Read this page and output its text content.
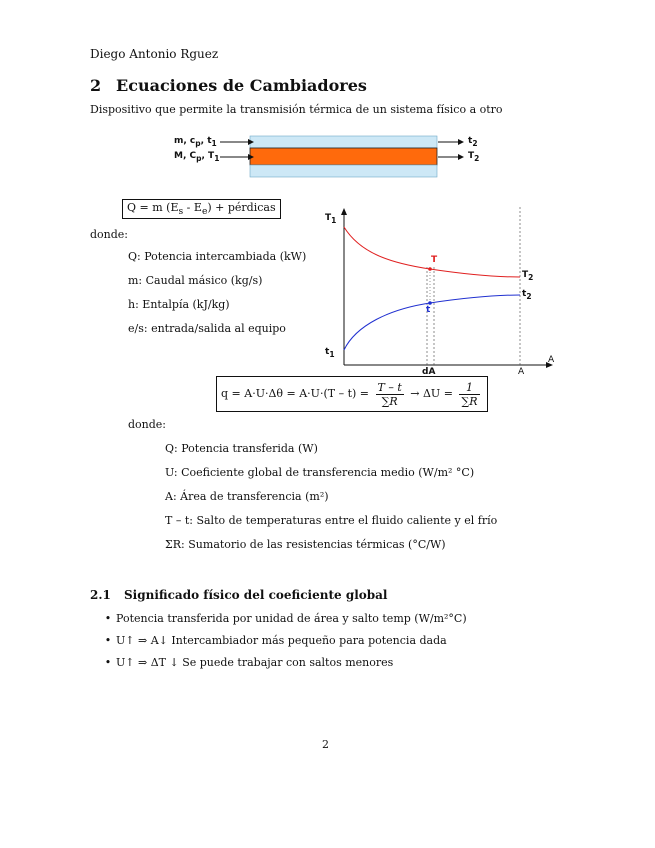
Diego Antonio Rguez
2 Ecuaciones de Cambiadores
Dispositivo que permite la transmisión térmica de un sistema físico a otro
m, $c_p$, $t_1$
M, $C_p$, $T_1$
$t_2$
$T_2$
Q = m $(E_s - E_e)$ + pérdicas
donde:
Q: Potencia intercambiada (kW)
m: Caudal másico (kg/s)
h: Entalpía (kJ/kg)
e/s: entrada/salida al equipo
$T_1$
$t_1$
$T_2$
$t_2$
T
t
dA	A
A
$q = A\cdot U\cdot\Delta\theta = A\cdot U\cdot(T - t) = \frac{T - t}{\sum R} \to \Delta U = \frac{1}{\sum R}$
donde:
Q: Potencia transferida (W)
U: Coeficiente global de transferencia medio (W/m² °C)
A: Área de transferencia (m²)
T – t: Salto de temperaturas entre el fluido caliente y el frío
ΣR: Sumatorio de las resistencias térmicas (°C/W)
2.1 Significado físico del coeficiente global
• Potencia transferida por unidad de área y salto temp (W/m²°C)
• U↑ ⇒ A↓ Intercambiador más pequeño para potencia dada
• U↑ ⇒ ΔT ↓ Se puede trabajar con saltos menores
2
